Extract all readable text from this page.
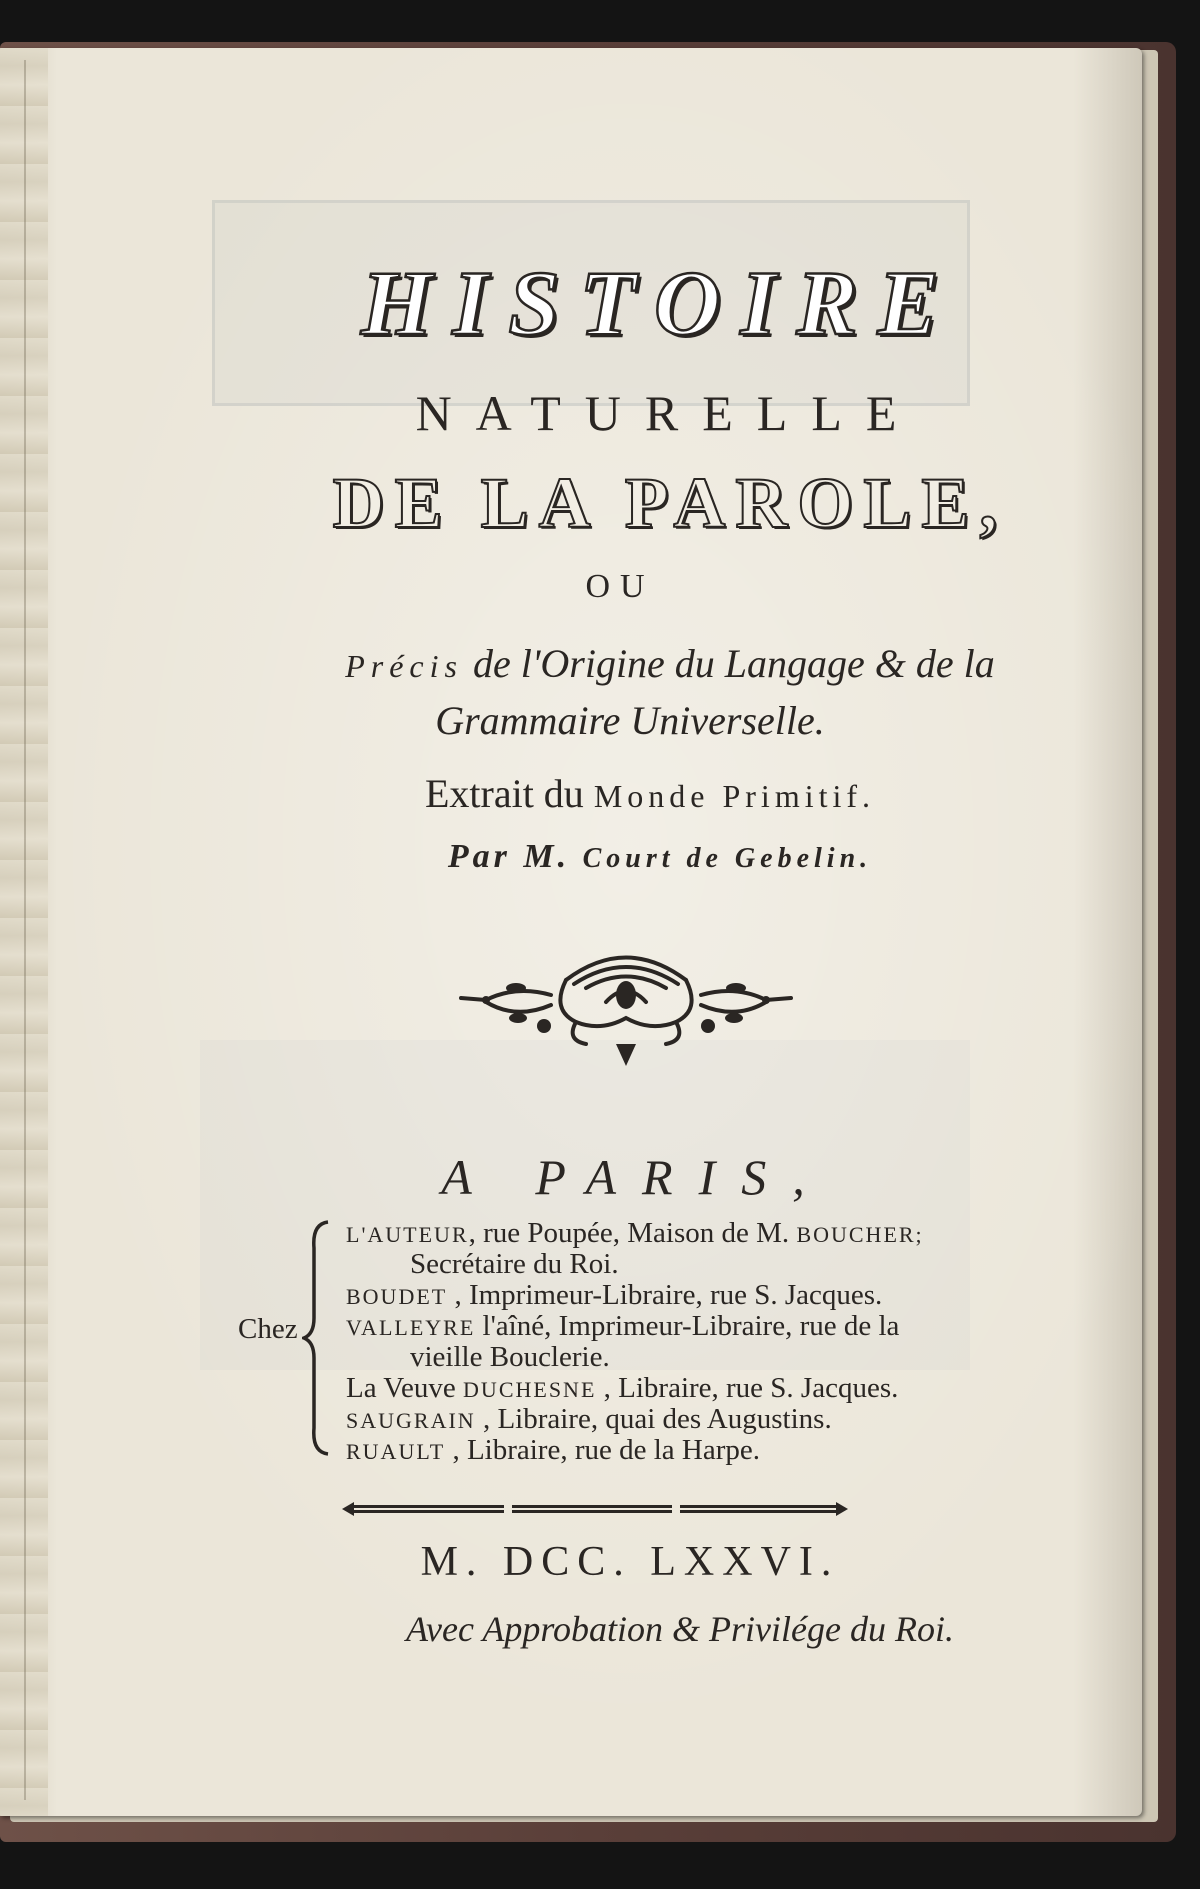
HISTOIRE
NATURELLE
DE LA PAROLE,
OU
Précis de l'Origine du Langage & de la
Grammaire Universelle.
Extrait du Monde Primitif.
Par M. Court de Gebelin.
A PARIS,
Chez
L'AUTEUR, rue Poupée, Maison de M. BOUCHER;
Secrétaire du Roi.
BOUDET , Imprimeur-Libraire, rue S. Jacques.
VALLEYRE l'aîné, Imprimeur-Libraire, rue de la
vieille Bouclerie.
La Veuve DUCHESNE , Libraire, rue S. Jacques.
SAUGRAIN , Libraire, quai des Augustins.
RUAULT , Libraire, rue de la Harpe.
M. DCC. LXXVI.
Avec Approbation & Privilége du Roi.
